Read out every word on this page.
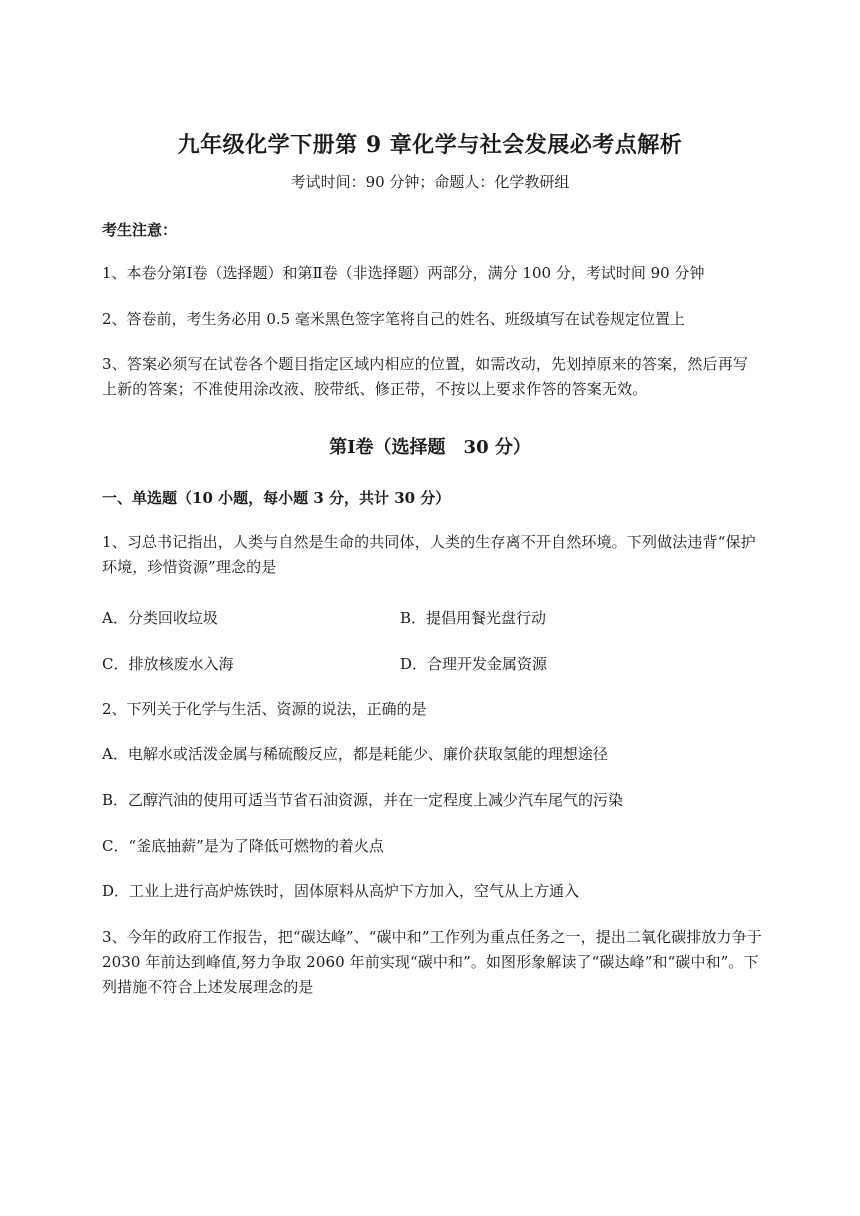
九年级化学下册第 9 章化学与社会发展必考点解析
考试时间：90 分钟；命题人：化学教研组
考生注意：
1、本卷分第Ⅰ卷（选择题）和第Ⅱ卷（非选择题）两部分，满分 100 分，考试时间 90 分钟
2、答卷前，考生务必用 0.5 毫米黑色签字笔将自己的姓名、班级填写在试卷规定位置上
3、答案必须写在试卷各个题目指定区域内相应的位置，如需改动，先划掉原来的答案，然后再写上新的答案；不准使用涂改液、胶带纸、修正带，不按以上要求作答的答案无效。
第Ⅰ卷（选择题　30 分）
一、单选题（10 小题，每小题 3 分，共计 30 分）
1、习总书记指出，人类与自然是生命的共同体，人类的生存离不开自然环境。下列做法违背“保护环境，珍惜资源”理念的是
A．分类回收垃圾	B．提倡用餐光盘行动
C．排放核废水入海	D．合理开发金属资源
2、下列关于化学与生活、资源的说法，正确的是
A．电解水或活泼金属与稀硫酸反应，都是耗能少、廉价获取氢能的理想途径
B．乙醇汽油的使用可适当节省石油资源，并在一定程度上减少汽车尾气的污染
C．“釜底抽薪”是为了降低可燃物的着火点
D．工业上进行高炉炼铁时，固体原料从高炉下方加入，空气从上方通入
3、今年的政府工作报告，把“碳达峰”、“碳中和”工作列为重点任务之一，提出二氧化碳排放力争于 2030 年前达到峰值,努力争取 2060 年前实现“碳中和”。如图形象解读了“碳达峰”和“碳中和”。下列措施不符合上述发展理念的是
